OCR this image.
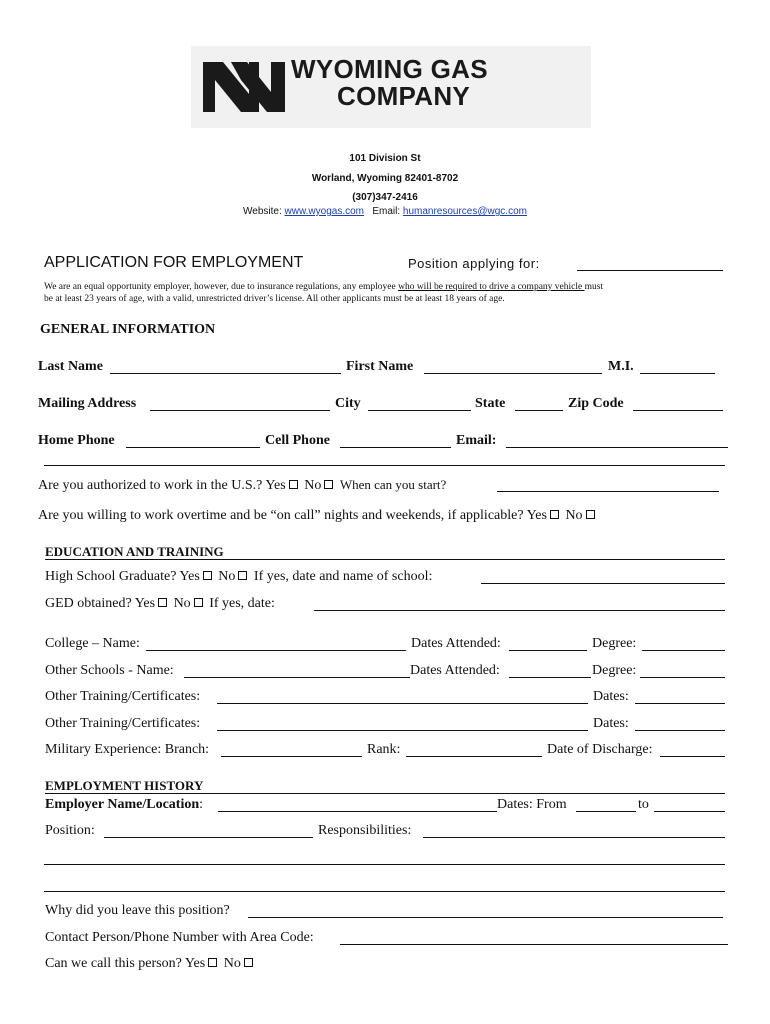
WYOMING GAS
COMPANY
101 Division St
Worland, Wyoming 82401-8702
(307)347-2416
Website: www.wyogas.com Email: humanresources@wgc.com
APPLICATION FOR EMPLOYMENT	Position applying for:
We are an equal opportunity employer, however, due to insurance regulations, any employee who will be required to drive a company vehicle must
be at least 23 years of age, with a valid, unrestricted driver’s license. All other applicants must be at least 18 years of age.
GENERAL INFORMATION
Last Name	First Name	M.I.
Mailing Address	City	State	Zip Code
Home Phone	Cell Phone	Email:
Are you authorized to work in the U.S.? Yes No When can you start?
Are you willing to work overtime and be “on call” nights and weekends, if applicable? Yes No
EDUCATION AND TRAINING
High School Graduate? Yes No If yes, date and name of school:
GED obtained? Yes No If yes, date:
College – Name:	Dates Attended:	Degree:
Other Schools - Name:	Dates Attended:	Degree:
Other Training/Certificates:	Dates:
Other Training/Certificates:	Dates:
Military Experience: Branch:	Rank:	Date of Discharge:
EMPLOYMENT HISTORY
Employer Name/Location:	Dates: From	to
Position:	Responsibilities:
Why did you leave this position?
Contact Person/Phone Number with Area Code:
Can we call this person? Yes No
